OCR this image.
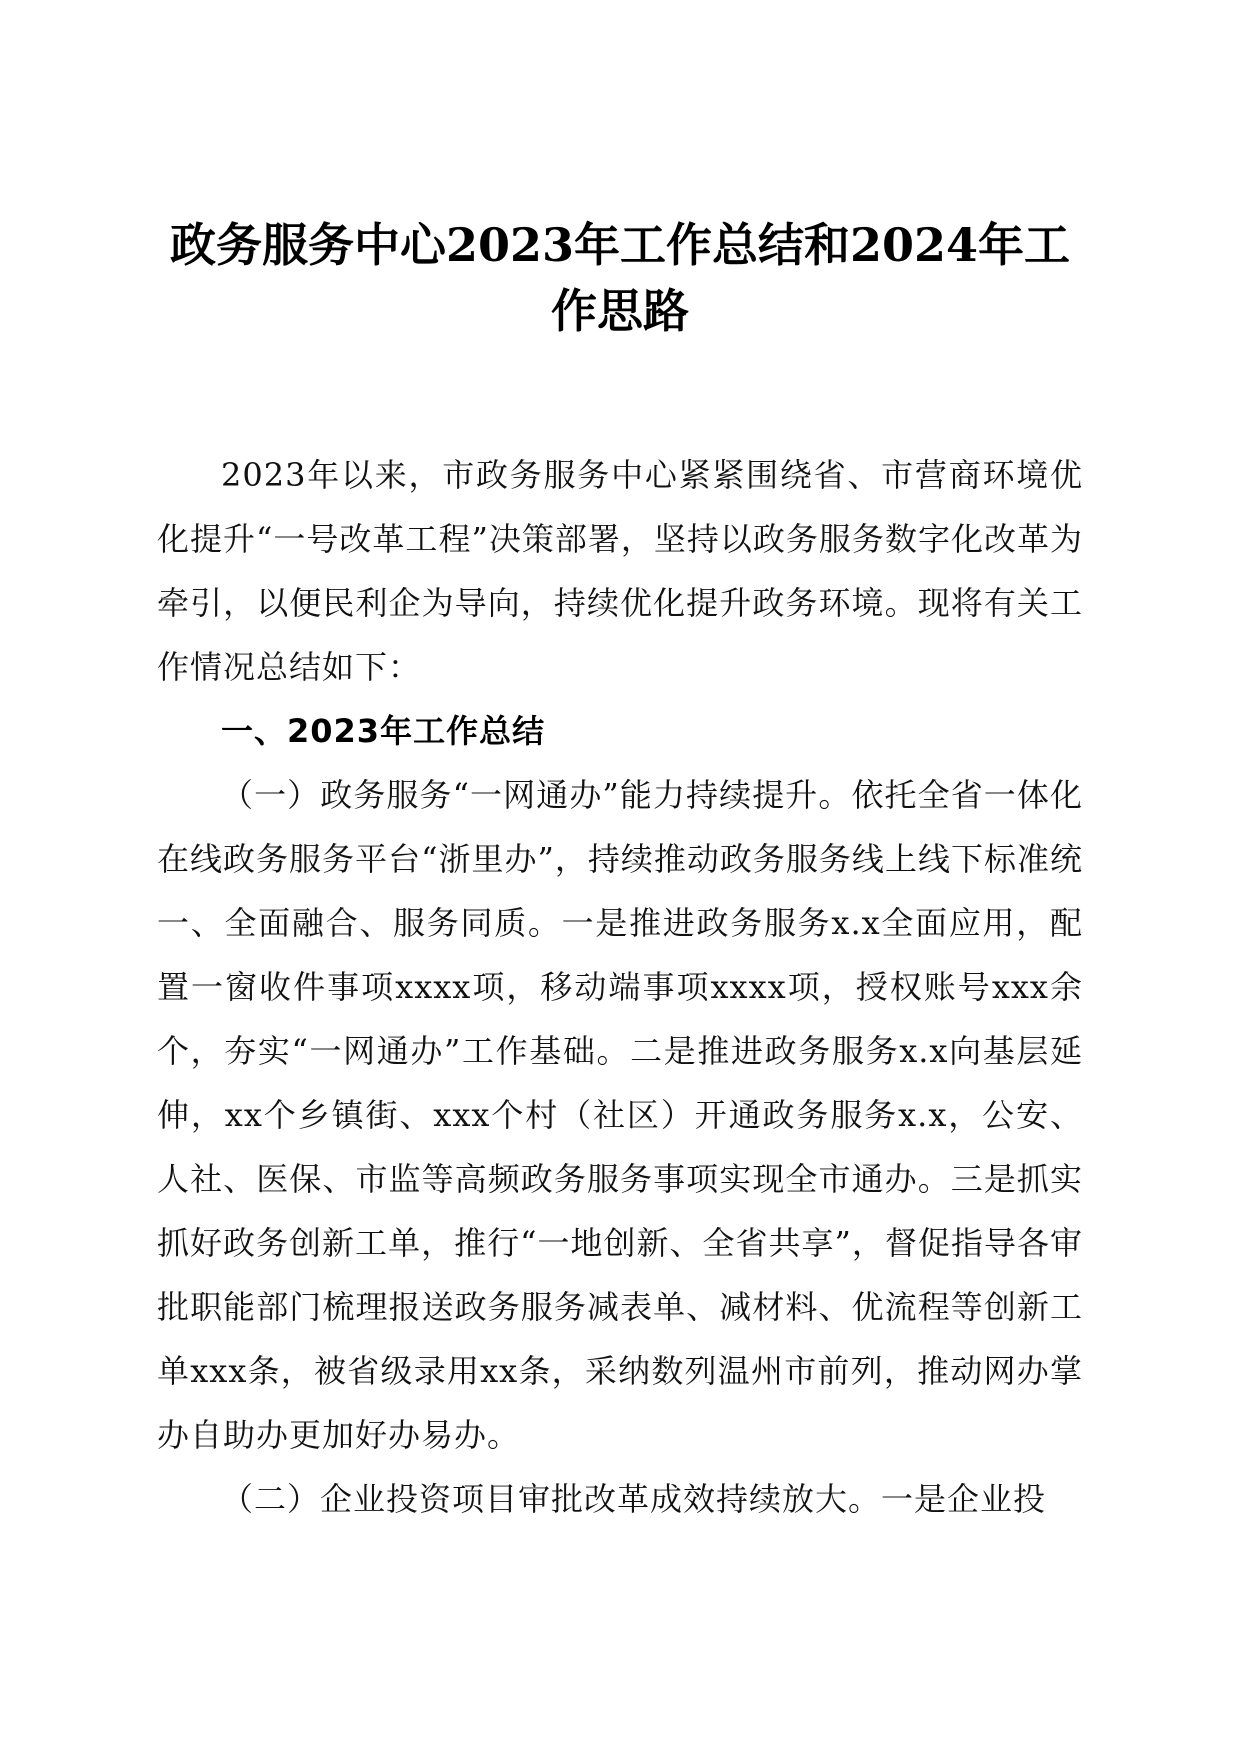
政务服务中心2023年工作总结和2024年工作思路

2023年以来，市政务服务中心紧紧围绕省、市营商环境优化提升“一号改革工程”决策部署，坚持以政务服务数字化改革为牵引，以便民利企为导向，持续优化提升政务环境。现将有关工作情况总结如下：

一、2023年工作总结

（一）政务服务“一网通办”能力持续提升。依托全省一体化在线政务服务平台“浙里办”，持续推动政务服务线上线下标准统一、全面融合、服务同质。一是推进政务服务x.x全面应用，配置一窗收件事项xxxx项，移动端事项xxxx项，授权账号xxx余个，夯实“一网通办”工作基础。二是推进政务服务x.x向基层延伸，xx个乡镇街、xxx个村（社区）开通政务服务x.x，公安、人社、医保、市监等高频政务服务事项实现全市通办。三是抓实抓好政务创新工单，推行“一地创新、全省共享”，督促指导各审批职能部门梳理报送政务服务减表单、减材料、优流程等创新工单xxx条，被省级录用xx条，采纳数列温州市前列，推动网办掌办自助办更加好办易办。

（二）企业投资项目审批改革成效持续放大。一是企业投
